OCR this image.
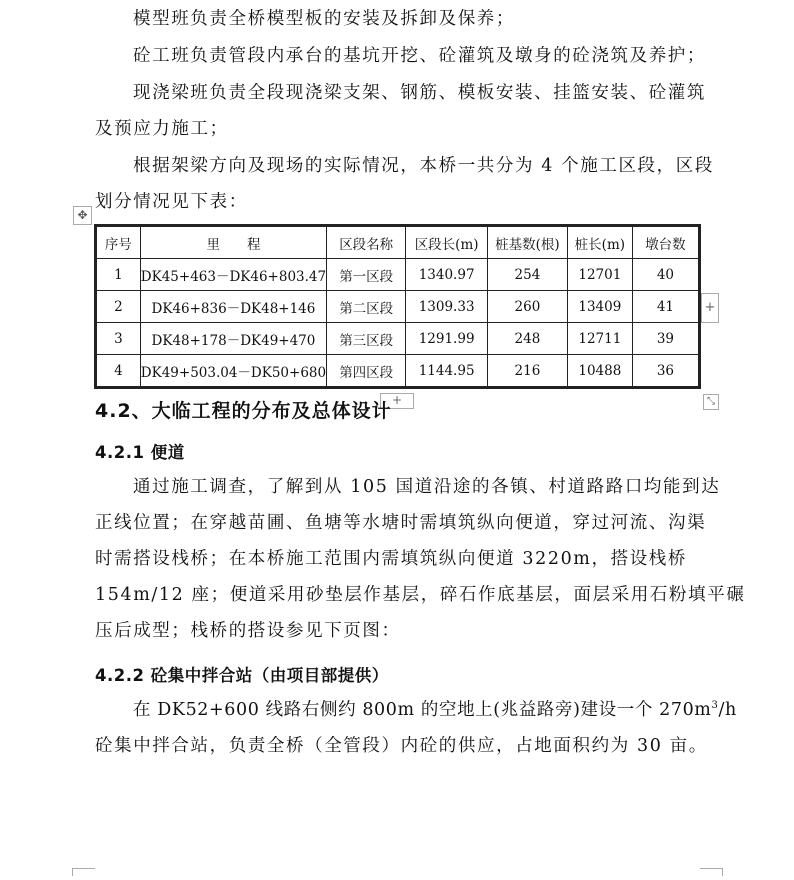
模型班负责全桥模型板的安装及拆卸及保养；
砼工班负责管段内承台的基坑开挖、砼灌筑及墩身的砼浇筑及养护；
现浇梁班负责全段现浇梁支架、钢筋、模板安装、挂篮安装、砼灌筑
及预应力施工；
根据架梁方向及现场的实际情况，本桥一共分为 4 个施工区段，区段
划分情况见下表：
✥
序号	里　　程	区段名称	区段长(m)	桩基数(根)	桩长(m)	墩台数
1	DK45+463－DK46+803.47	第一区段	1340.97	254	12701	40
2	DK46+836－DK48+146	第二区段	1309.33	260	13409	41
3	DK48+178－DK49+470	第三区段	1291.99	248	12711	39
4	DK49+503.04－DK50+680	第四区段	1144.95	216	10488	36
+
+	⤡
4.2、大临工程的分布及总体设计
4.2.1 便道
通过施工调查，了解到从 105 国道沿途的各镇、村道路路口均能到达
正线位置；在穿越苗圃、鱼塘等水塘时需填筑纵向便道，穿过河流、沟渠
时需搭设栈桥；在本桥施工范围内需填筑纵向便道 3220m，搭设栈桥
154m/12 座；便道采用砂垫层作基层，碎石作底基层，面层采用石粉填平碾
压后成型；栈桥的搭设参见下页图：
4.2.2 砼集中拌合站（由项目部提供）
在 DK52+600 线路右侧约 800m 的空地上(兆益路旁)建设一个 $270m^3/h$
砼集中拌合站，负责全桥（全管段）内砼的供应，占地面积约为 30 亩。
